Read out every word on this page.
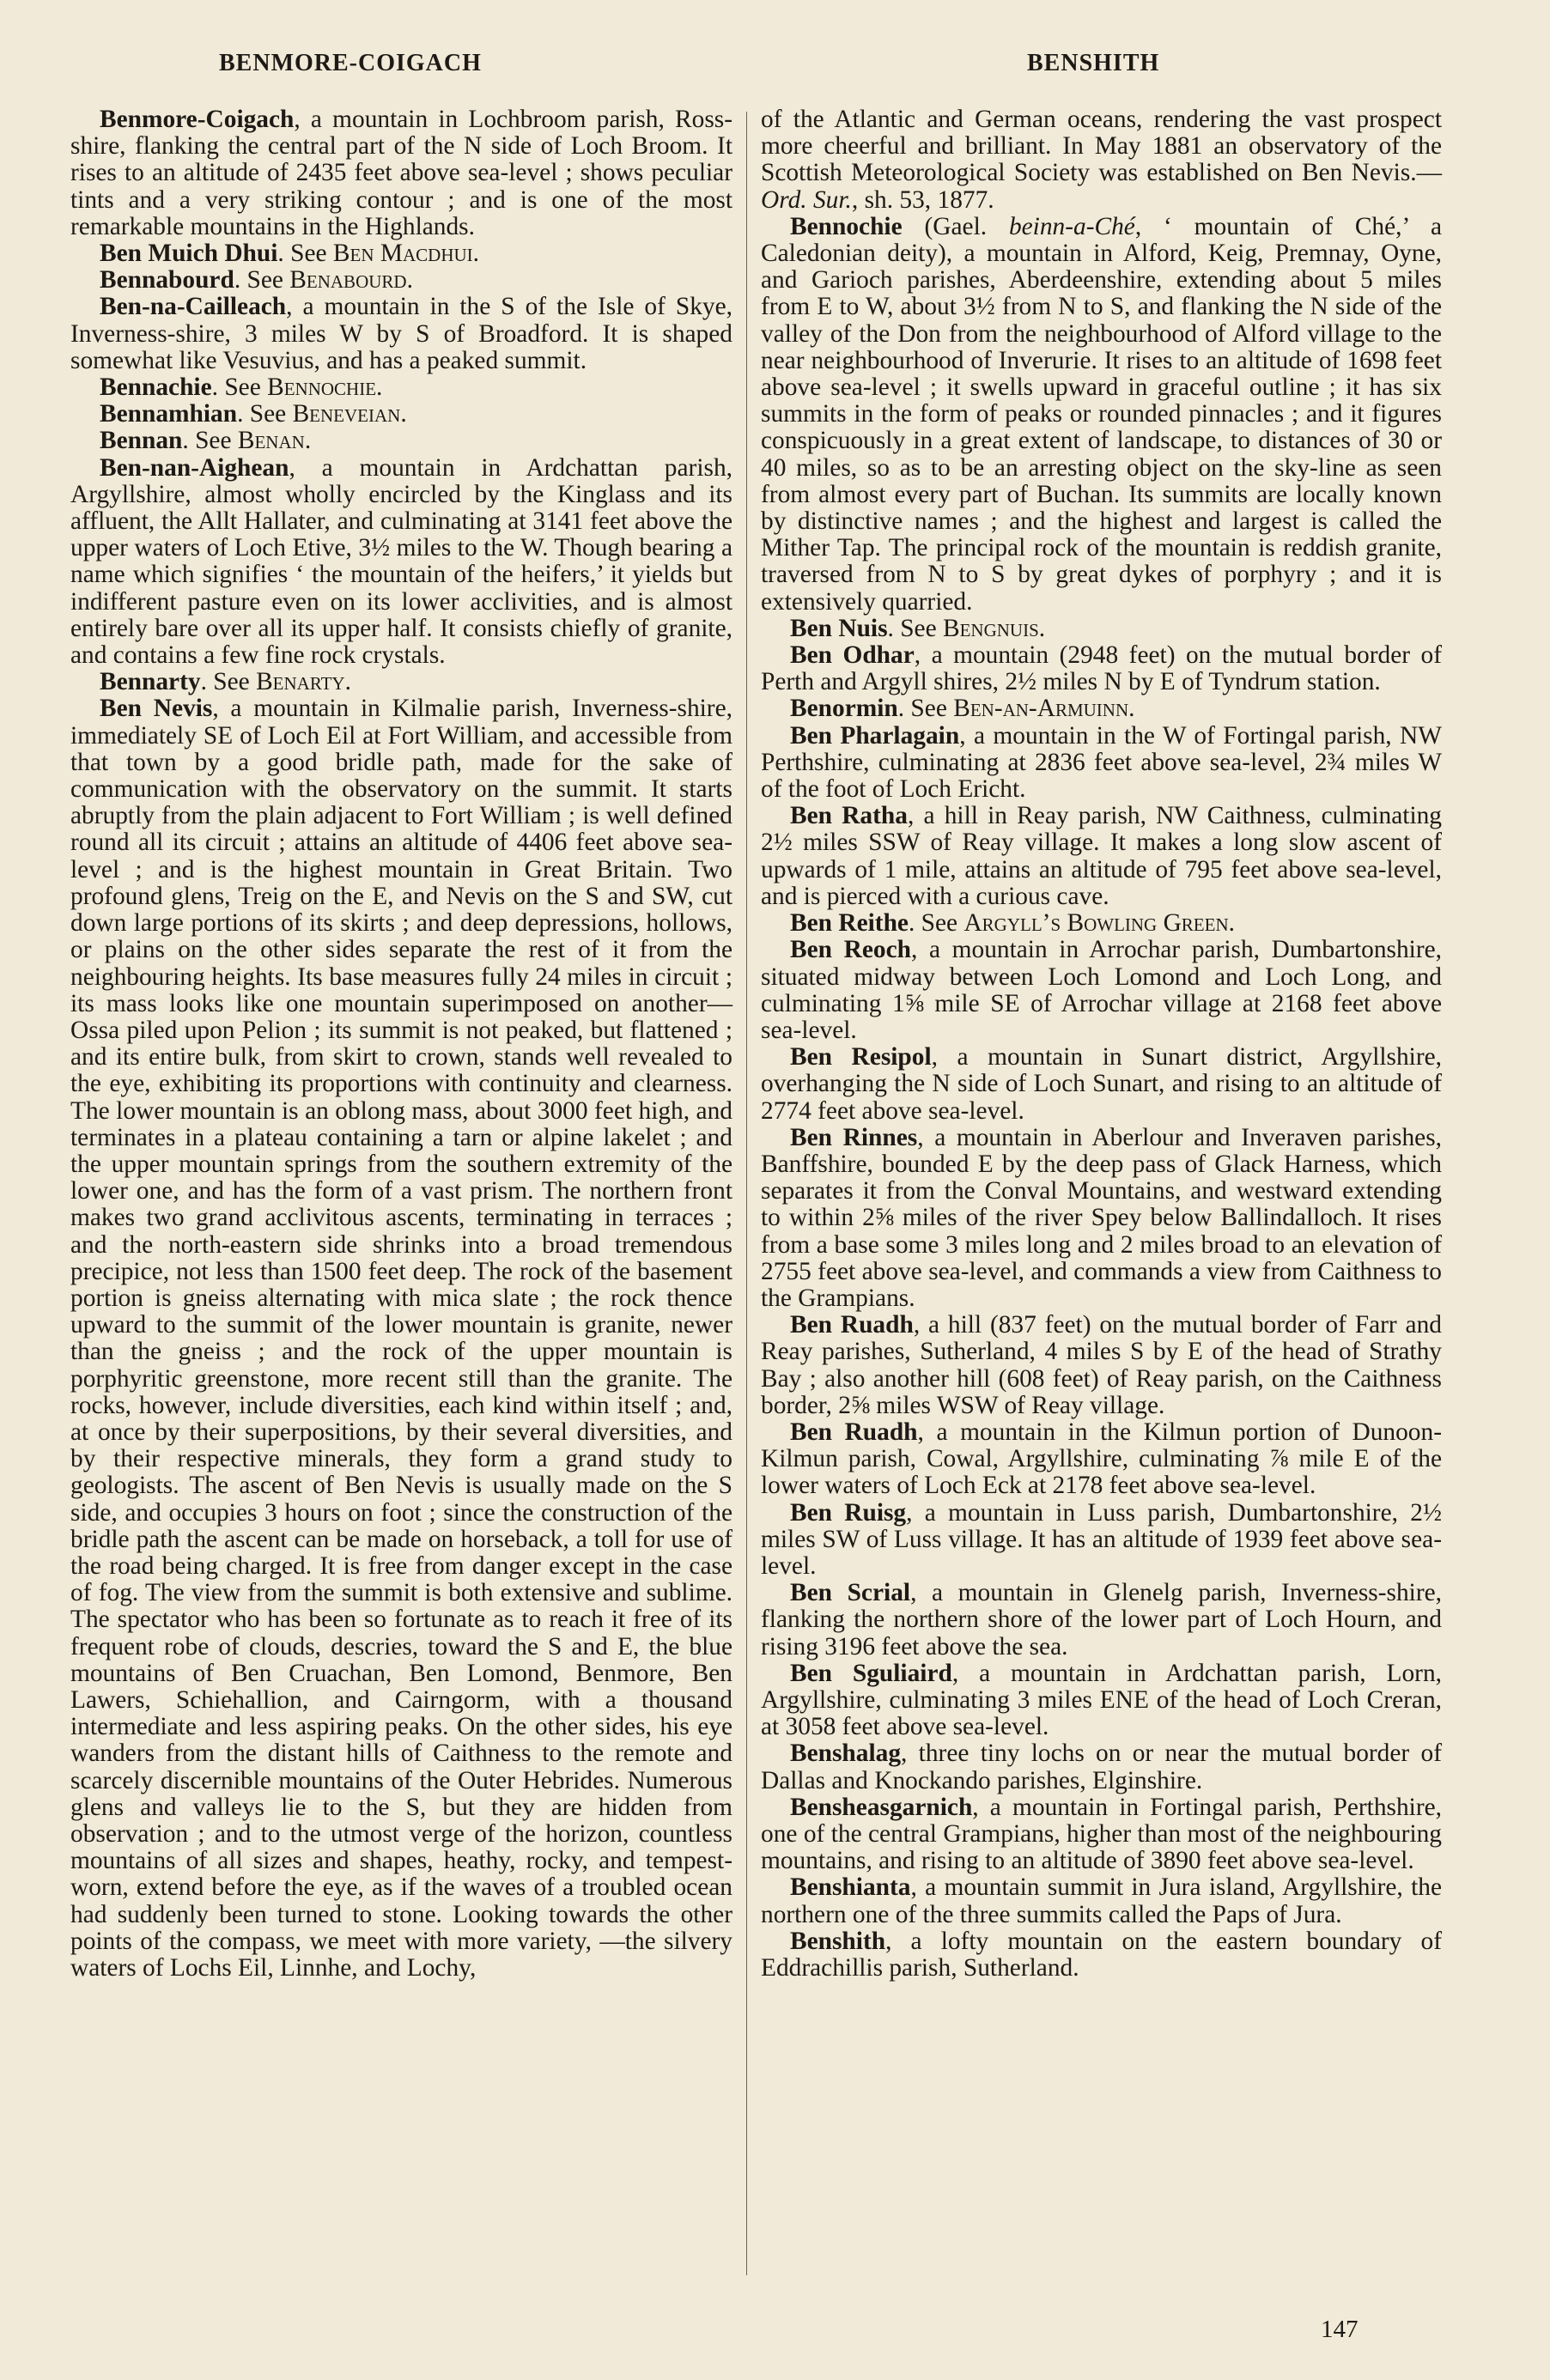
BENMORE-COIGACH	BENSHITH

Benmore-Coigach, a mountain in Lochbroom parish, Ross-shire, flanking the central part of the N side of Loch Broom. It rises to an altitude of 2435 feet above sea-level ; shows peculiar tints and a very striking contour ; and is one of the most remarkable mountains in the Highlands.

Ben Muich Dhui. See Ben Macdhui.

Bennabourd. See Benabourd.

Ben-na-Cailleach, a mountain in the S of the Isle of Skye, Inverness-shire, 3 miles W by S of Broadford. It is shaped somewhat like Vesuvius, and has a peaked summit.

Bennachie. See Bennochie.

Bennamhian. See Beneveian.

Bennan. See Benan.

Ben-nan-Aighean, a mountain in Ardchattan parish, Argyllshire, almost wholly encircled by the Kinglass and its affluent, the Allt Hallater, and culminating at 3141 feet above the upper waters of Loch Etive, 3½ miles to the W. Though bearing a name which signifies ‘ the mountain of the heifers,’ it yields but indifferent pasture even on its lower acclivities, and is almost entirely bare over all its upper half. It consists chiefly of granite, and contains a few fine rock crystals.

Bennarty. See Benarty.

Ben Nevis, a mountain in Kilmalie parish, Inverness-shire, immediately SE of Loch Eil at Fort William, and accessible from that town by a good bridle path, made for the sake of communication with the observatory on the summit. It starts abruptly from the plain adjacent to Fort William ; is well defined round all its circuit ; attains an altitude of 4406 feet above sea-level ; and is the highest mountain in Great Britain. Two profound glens, Treig on the E, and Nevis on the S and SW, cut down large portions of its skirts ; and deep depressions, hollows, or plains on the other sides separate the rest of it from the neighbouring heights. Its base measures fully 24 miles in circuit ; its mass looks like one mountain superimposed on another—Ossa piled upon Pelion ; its summit is not peaked, but flattened ; and its entire bulk, from skirt to crown, stands well revealed to the eye, exhibiting its proportions with continuity and clearness. The lower mountain is an oblong mass, about 3000 feet high, and terminates in a plateau containing a tarn or alpine lakelet ; and the upper mountain springs from the southern extremity of the lower one, and has the form of a vast prism. The northern front makes two grand acclivitous ascents, terminating in terraces ; and the north-eastern side shrinks into a broad tremendous precipice, not less than 1500 feet deep. The rock of the basement portion is gneiss alternating with mica slate ; the rock thence upward to the summit of the lower mountain is granite, newer than the gneiss ; and the rock of the upper mountain is porphyritic greenstone, more recent still than the granite. The rocks, however, include diversities, each kind within itself ; and, at once by their superpositions, by their several diversities, and by their respective minerals, they form a grand study to geologists. The ascent of Ben Nevis is usually made on the S side, and occupies 3 hours on foot ; since the construction of the bridle path the ascent can be made on horseback, a toll for use of the road being charged. It is free from danger except in the case of fog. The view from the summit is both extensive and sublime. The spectator who has been so fortunate as to reach it free of its frequent robe of clouds, descries, toward the S and E, the blue mountains of Ben Cruachan, Ben Lomond, Benmore, Ben Lawers, Schiehallion, and Cairngorm, with a thousand intermediate and less aspiring peaks. On the other sides, his eye wanders from the distant hills of Caithness to the remote and scarcely discernible mountains of the Outer Hebrides. Numerous glens and valleys lie to the S, but they are hidden from observation ; and to the utmost verge of the horizon, countless mountains of all sizes and shapes, heathy, rocky, and tempest-worn, extend before the eye, as if the waves of a troubled ocean had suddenly been turned to stone. Looking towards the other points of the compass, we meet with more variety, —the silvery waters of Lochs Eil, Linnhe, and Lochy,

of the Atlantic and German oceans, rendering the vast prospect more cheerful and brilliant. In May 1881 an observatory of the Scottish Meteorological Society was established on Ben Nevis.—Ord. Sur., sh. 53, 1877.

Bennochie (Gael. beinn-a-Ché, ‘ mountain of Ché,’ a Caledonian deity), a mountain in Alford, Keig, Premnay, Oyne, and Garioch parishes, Aberdeenshire, extending about 5 miles from E to W, about 3½ from N to S, and flanking the N side of the valley of the Don from the neighbourhood of Alford village to the near neighbourhood of Inverurie. It rises to an altitude of 1698 feet above sea-level ; it swells upward in graceful outline ; it has six summits in the form of peaks or rounded pinnacles ; and it figures conspicuously in a great extent of landscape, to distances of 30 or 40 miles, so as to be an arresting object on the sky-line as seen from almost every part of Buchan. Its summits are locally known by distinctive names ; and the highest and largest is called the Mither Tap. The principal rock of the mountain is reddish granite, traversed from N to S by great dykes of porphyry ; and it is extensively quarried.

Ben Nuis. See Bengnuis.

Ben Odhar, a mountain (2948 feet) on the mutual border of Perth and Argyll shires, 2½ miles N by E of Tyndrum station.

Benormin. See Ben-an-Armuinn.

Ben Pharlagain, a mountain in the W of Fortingal parish, NW Perthshire, culminating at 2836 feet above sea-level, 2¾ miles W of the foot of Loch Ericht.

Ben Ratha, a hill in Reay parish, NW Caithness, culminating 2½ miles SSW of Reay village. It makes a long slow ascent of upwards of 1 mile, attains an altitude of 795 feet above sea-level, and is pierced with a curious cave.

Ben Reithe. See Argyll’s Bowling Green.

Ben Reoch, a mountain in Arrochar parish, Dumbartonshire, situated midway between Loch Lomond and Loch Long, and culminating 1⅝ mile SE of Arrochar village at 2168 feet above sea-level.

Ben Resipol, a mountain in Sunart district, Argyllshire, overhanging the N side of Loch Sunart, and rising to an altitude of 2774 feet above sea-level.

Ben Rinnes, a mountain in Aberlour and Inveraven parishes, Banffshire, bounded E by the deep pass of Glack Harness, which separates it from the Conval Mountains, and westward extending to within 2⅝ miles of the river Spey below Ballindalloch. It rises from a base some 3 miles long and 2 miles broad to an elevation of 2755 feet above sea-level, and commands a view from Caithness to the Grampians.

Ben Ruadh, a hill (837 feet) on the mutual border of Farr and Reay parishes, Sutherland, 4 miles S by E of the head of Strathy Bay ; also another hill (608 feet) of Reay parish, on the Caithness border, 2⅝ miles WSW of Reay village.

Ben Ruadh, a mountain in the Kilmun portion of Dunoon-Kilmun parish, Cowal, Argyllshire, culminating ⅞ mile E of the lower waters of Loch Eck at 2178 feet above sea-level.

Ben Ruisg, a mountain in Luss parish, Dumbartonshire, 2½ miles SW of Luss village. It has an altitude of 1939 feet above sea-level.

Ben Scrial, a mountain in Glenelg parish, Inverness-shire, flanking the northern shore of the lower part of Loch Hourn, and rising 3196 feet above the sea.

Ben Sguliaird, a mountain in Ardchattan parish, Lorn, Argyllshire, culminating 3 miles ENE of the head of Loch Creran, at 3058 feet above sea-level.

Benshalag, three tiny lochs on or near the mutual border of Dallas and Knockando parishes, Elginshire.

Bensheasgarnich, a mountain in Fortingal parish, Perthshire, one of the central Grampians, higher than most of the neighbouring mountains, and rising to an altitude of 3890 feet above sea-level.

Benshianta, a mountain summit in Jura island, Argyllshire, the northern one of the three summits called the Paps of Jura.

Benshith, a lofty mountain on the eastern boundary of Eddrachillis parish, Sutherland.

147
